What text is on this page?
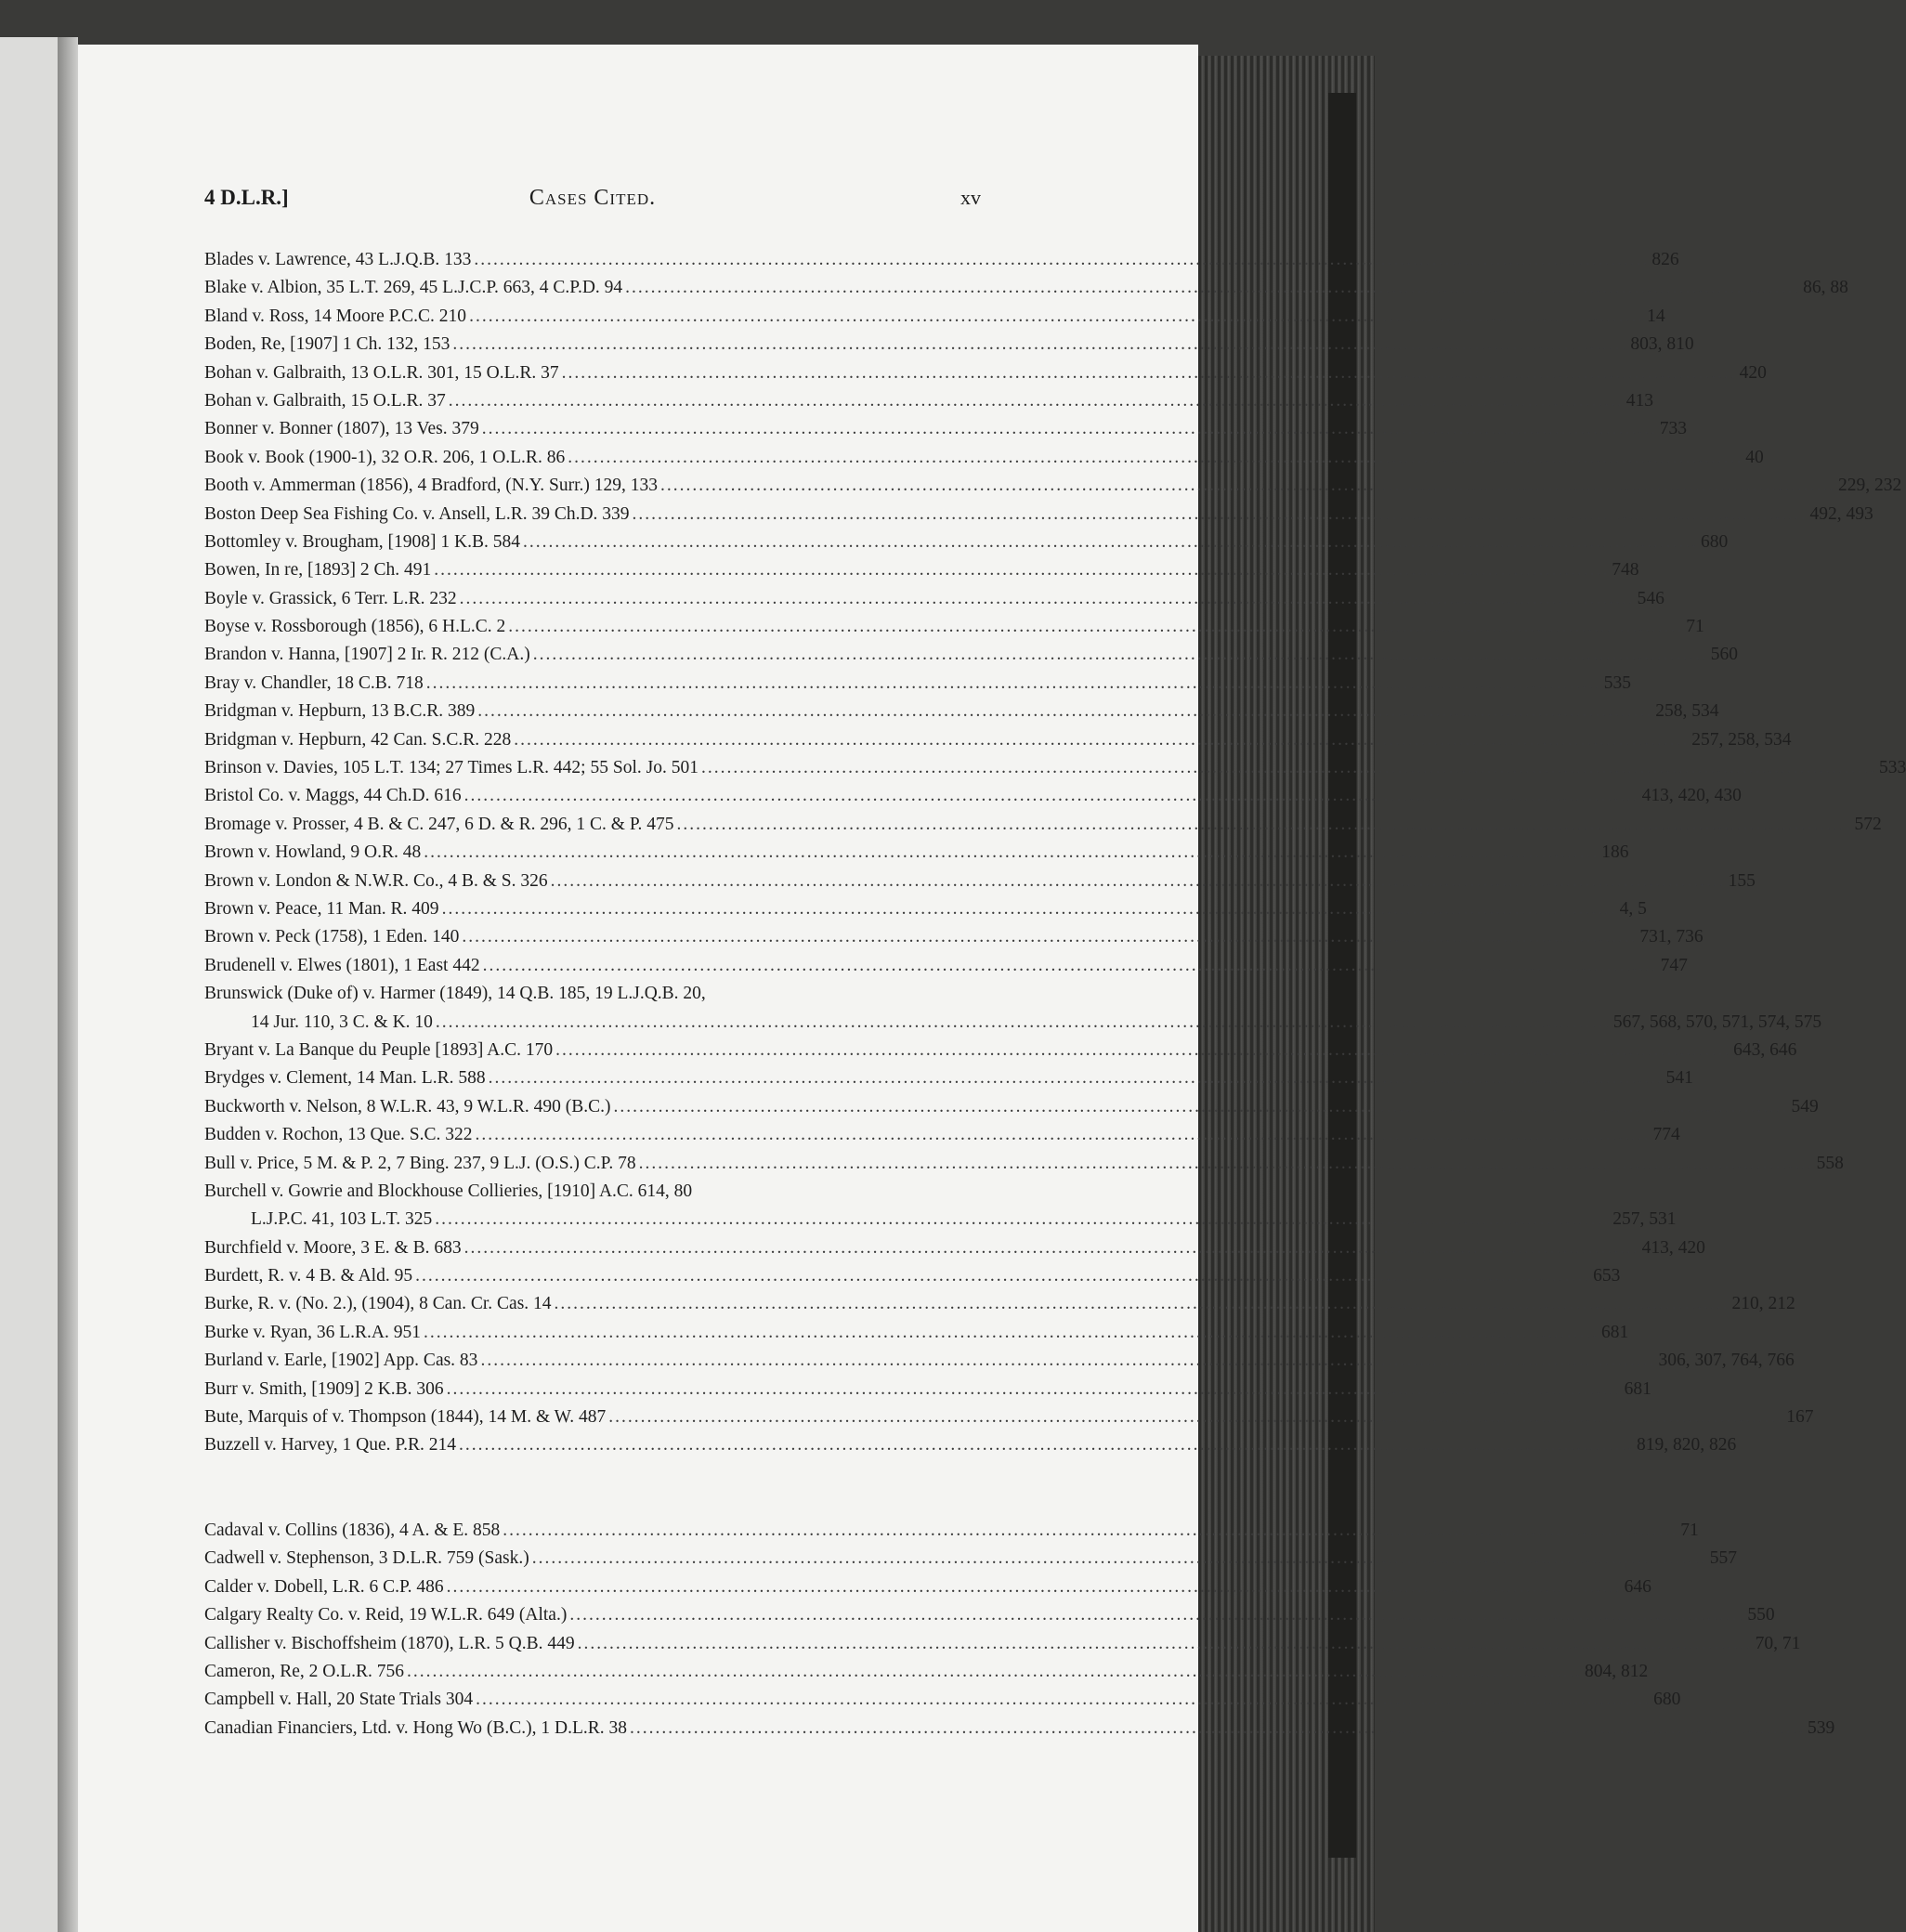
4 D.L.R.]	Cases Cited.	xv
Blades v. Lawrence, 43 L.J.Q.B. 133 .....	826
Blake v. Albion, 35 L.T. 269, 45 L.J.C.P. 663, 4 C.P.D. 94 .....	86, 88
Bland v. Ross, 14 Moore P.C.C. 210 .....	14
Boden, Re, [1907] 1 Ch. 132, 153 .....	803, 810
Bohan v. Galbraith, 13 O.L.R. 301, 15 O.L.R. 37 .....	420
Bohan v. Galbraith, 15 O.L.R. 37 .....	413
Bonner v. Bonner (1807), 13 Ves. 379 .....	733
Book v. Book (1900-1), 32 O.R. 206, 1 O.L.R. 86 .....	40
Booth v. Ammerman (1856), 4 Bradford, (N.Y. Surr.) 129, 133 .....	229, 232
Boston Deep Sea Fishing Co. v. Ansell, L.R. 39 Ch.D. 339 .....	492, 493
Bottomley v. Brougham, [1908] 1 K.B. 584 .....	680
Bowen, In re, [1893] 2 Ch. 491 .....	748
Boyle v. Grassick, 6 Terr. L.R. 232 .....	546
Boyse v. Rossborough (1856), 6 H.L.C. 2 .....	71
Brandon v. Hanna, [1907] 2 Ir. R. 212 (C.A.) .....	560
Bray v. Chandler, 18 C.B. 718 .....	535
Bridgman v. Hepburn, 13 B.C.R. 389 .....	258, 534
Bridgman v. Hepburn, 42 Can. S.C.R. 228 .....	257, 258, 534
Brinson v. Davies, 105 L.T. 134; 27 Times L.R. 442; 55 Sol. Jo. 501 .....	533
Bristol Co. v. Maggs, 44 Ch.D. 616 .....	413, 420, 430
Bromage v. Prosser, 4 B. & C. 247, 6 D. & R. 296, 1 C. & P. 475 .....	572
Brown v. Howland, 9 O.R. 48 .....	186
Brown v. London & N.W.R. Co., 4 B. & S. 326 .....	155
Brown v. Peace, 11 Man. R. 409 .....	4, 5
Brown v. Peck (1758), 1 Eden. 140 .....	731, 736
Brudenell v. Elwes (1801), 1 East 442 .....	747
Brunswick (Duke of) v. Harmer (1849), 14 Q.B. 185, 19 L.J.Q.B. 20,
14 Jur. 110, 3 C. & K. 10 .....	567, 568, 570, 571, 574, 575
Bryant v. La Banque du Peuple [1893] A.C. 170 .....	643, 646
Brydges v. Clement, 14 Man. L.R. 588 .....	541
Buckworth v. Nelson, 8 W.L.R. 43, 9 W.L.R. 490 (B.C.) .....	549
Budden v. Rochon, 13 Que. S.C. 322 .....	774
Bull v. Price, 5 M. & P. 2, 7 Bing. 237, 9 L.J. (O.S.) C.P. 78 .....	558
Burchell v. Gowrie and Blockhouse Collieries, [1910] A.C. 614, 80
L.J.P.C. 41, 103 L.T. 325 .....	257, 531
Burchfield v. Moore, 3 E. & B. 683 .....	413, 420
Burdett, R. v. 4 B. & Ald. 95 .....	653
Burke, R. v. (No. 2.), (1904), 8 Can. Cr. Cas. 14 .....	210, 212
Burke v. Ryan, 36 L.R.A. 951 .....	681
Burland v. Earle, [1902] App. Cas. 83 .....	306, 307, 764, 766
Burr v. Smith, [1909] 2 K.B. 306 .....	681
Bute, Marquis of v. Thompson (1844), 14 M. & W. 487 .....	167
Buzzell v. Harvey, 1 Que. P.R. 214 .....	819, 820, 826
Cadaval v. Collins (1836), 4 A. & E. 858 .....	71
Cadwell v. Stephenson, 3 D.L.R. 759 (Sask.) .....	557
Calder v. Dobell, L.R. 6 C.P. 486 .....	646
Calgary Realty Co. v. Reid, 19 W.L.R. 649 (Alta.) .....	550
Callisher v. Bischoffsheim (1870), L.R. 5 Q.B. 449 .....	70, 71
Cameron, Re, 2 O.L.R. 756 .....	804, 812
Campbell v. Hall, 20 State Trials 304 .....	680
Canadian Financiers, Ltd. v. Hong Wo (B.C.), 1 D.L.R. 38 .....	539
